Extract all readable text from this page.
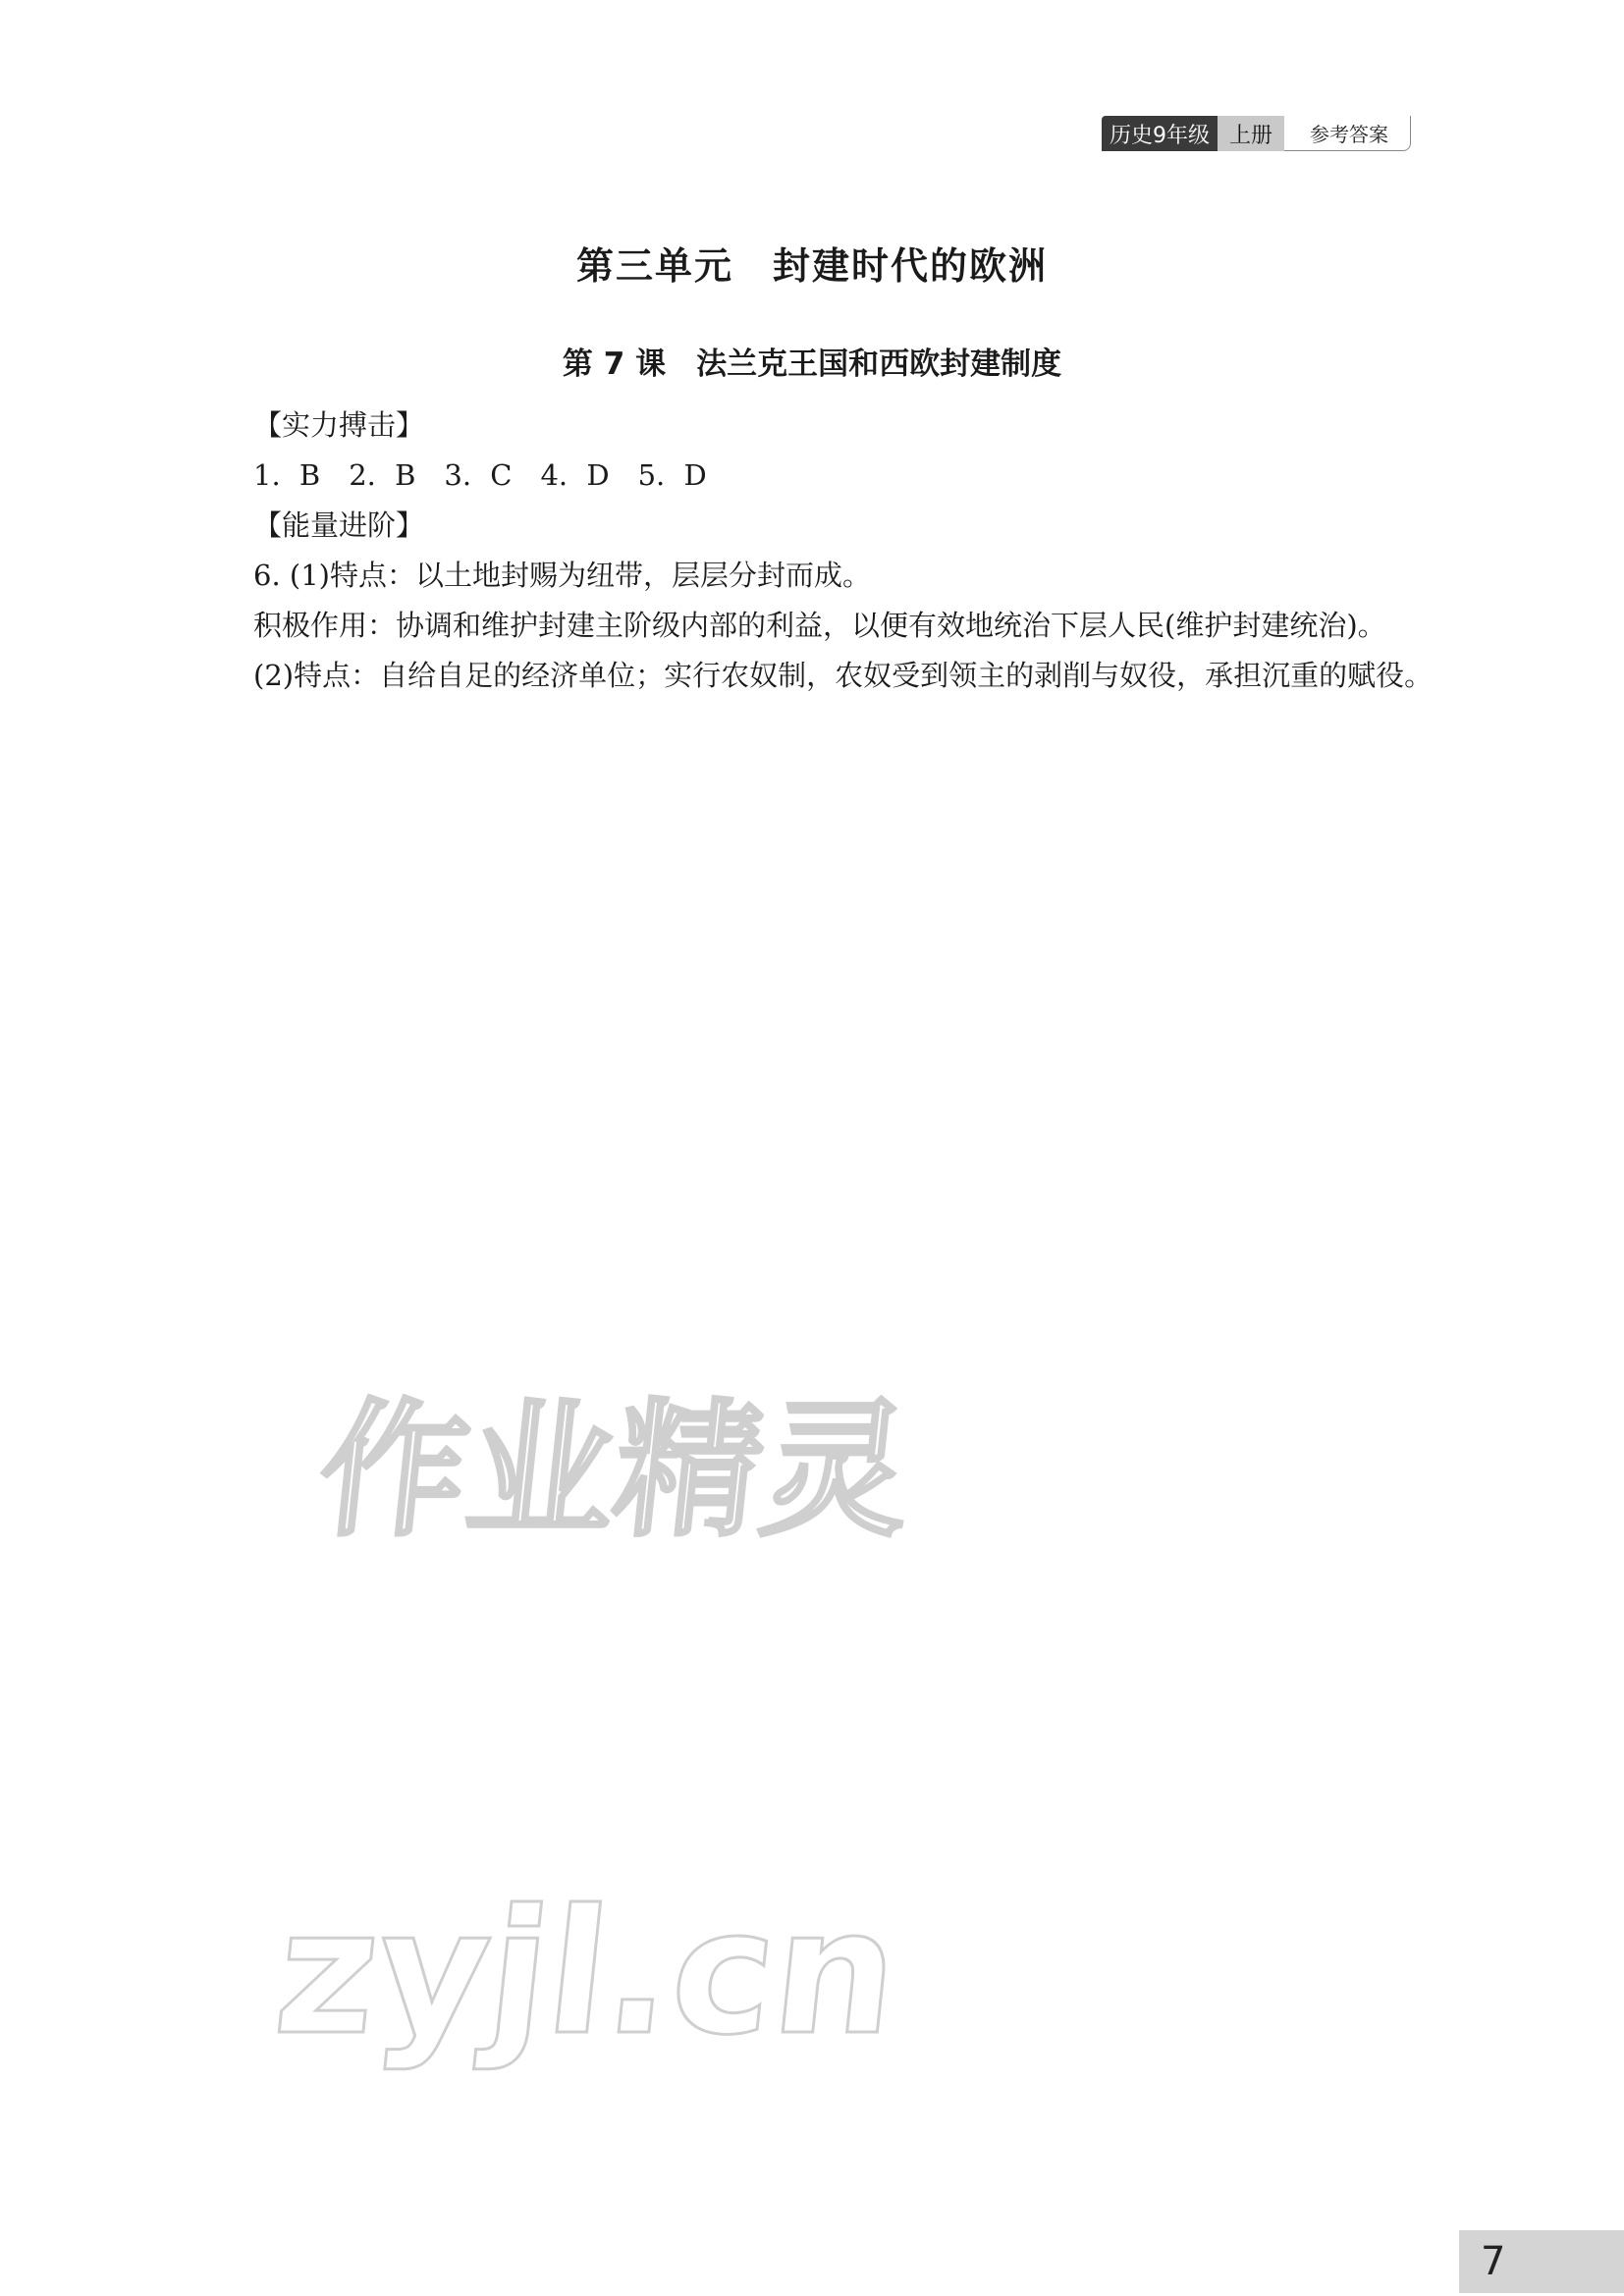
历史9年级 上册	参考答案
第三单元　封建时代的欧洲
第 7 课　法兰克王国和西欧封建制度

【实力搏击】

1. B　2. B　3. C　4. D　5. D

【能量进阶】

6. (1)特点：以土地封赐为纽带，层层分封而成。

积极作用：协调和维护封建主阶级内部的利益，以便有效地统治下层人民(维护封建统治)。

(2)特点：自给自足的经济单位；实行农奴制，农奴受到领主的剥削与奴役，承担沉重的赋役。

作业精灵
zyjl.cn
7
